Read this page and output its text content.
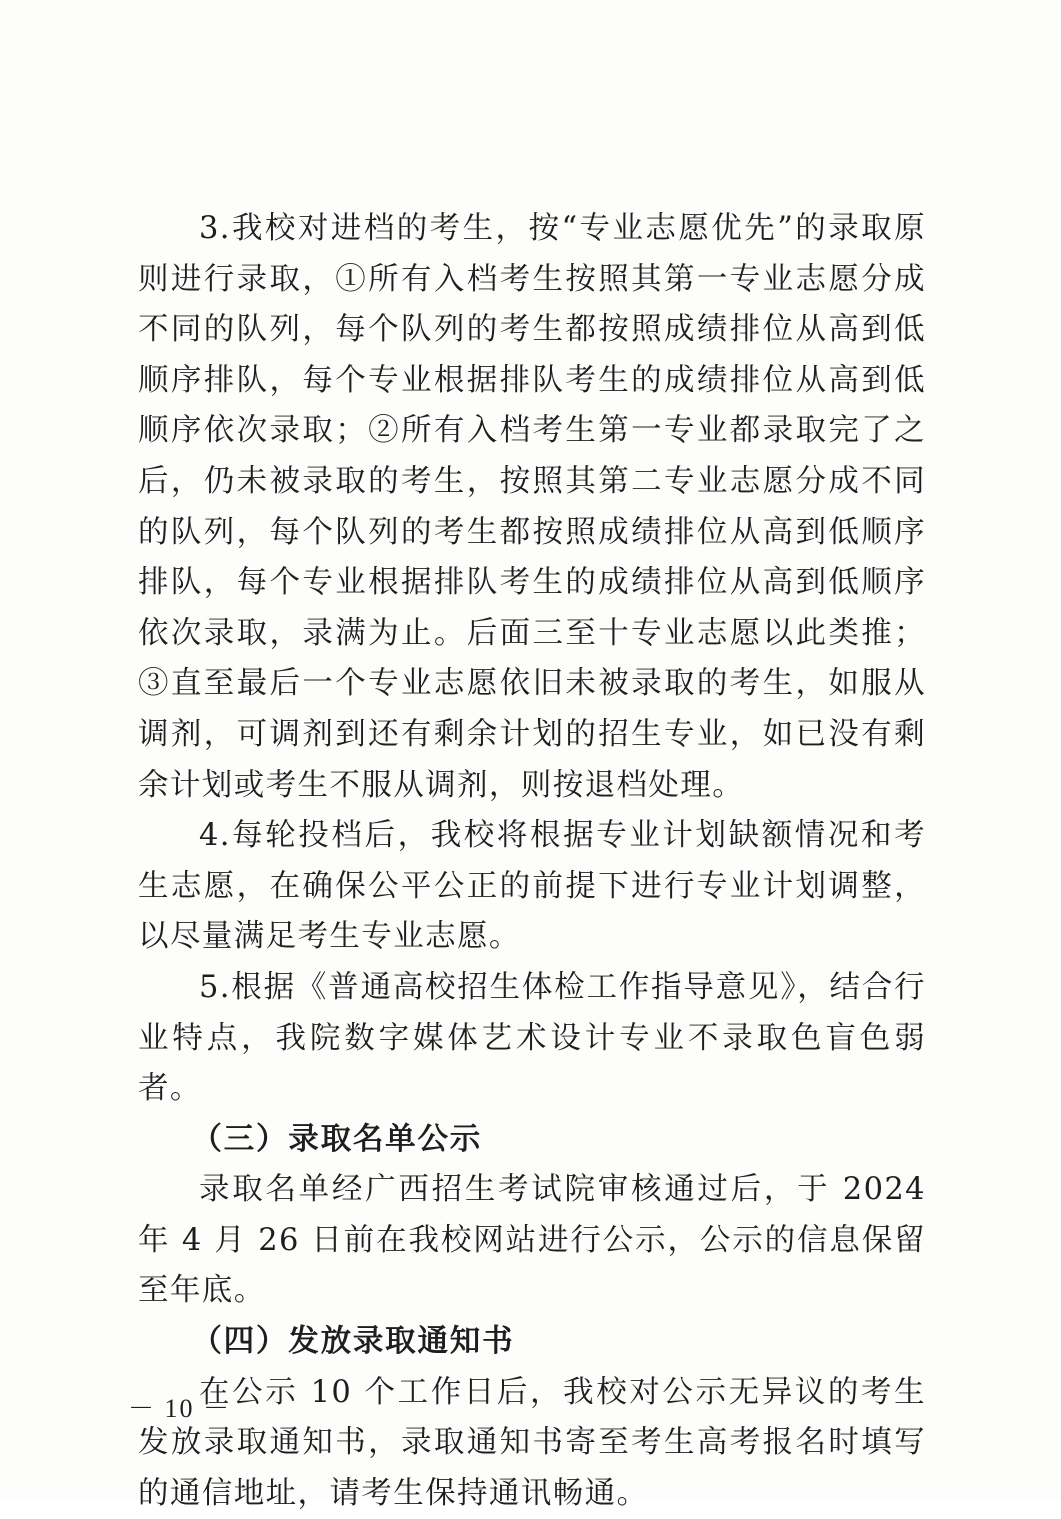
3.我校对进档的考生，按“专业志愿优先”的录取原则进行录取，①所有入档考生按照其第一专业志愿分成不同的队列，每个队列的考生都按照成绩排位从高到低顺序排队，每个专业根据排队考生的成绩排位从高到低顺序依次录取；②所有入档考生第一专业都录取完了之后，仍未被录取的考生，按照其第二专业志愿分成不同的队列，每个队列的考生都按照成绩排位从高到低顺序排队，每个专业根据排队考生的成绩排位从高到低顺序依次录取，录满为止。后面三至十专业志愿以此类推；③直至最后一个专业志愿依旧未被录取的考生，如服从调剂，可调剂到还有剩余计划的招生专业，如已没有剩余计划或考生不服从调剂，则按退档处理。

4.每轮投档后，我校将根据专业计划缺额情况和考生志愿，在确保公平公正的前提下进行专业计划调整，以尽量满足考生专业志愿。

5.根据《普通高校招生体检工作指导意见》，结合行业特点，我院数字媒体艺术设计专业不录取色盲色弱者。

（三）录取名单公示

录取名单经广西招生考试院审核通过后，于 2024 年 4 月 26 日前在我校网站进行公示，公示的信息保留至年底。

（四）发放录取通知书

在公示 10 个工作日后，我校对公示无异议的考生发放录取通知书，录取通知书寄至考生高考报名时填写的通信地址，请考生保持通讯畅通。

－ 10 －
